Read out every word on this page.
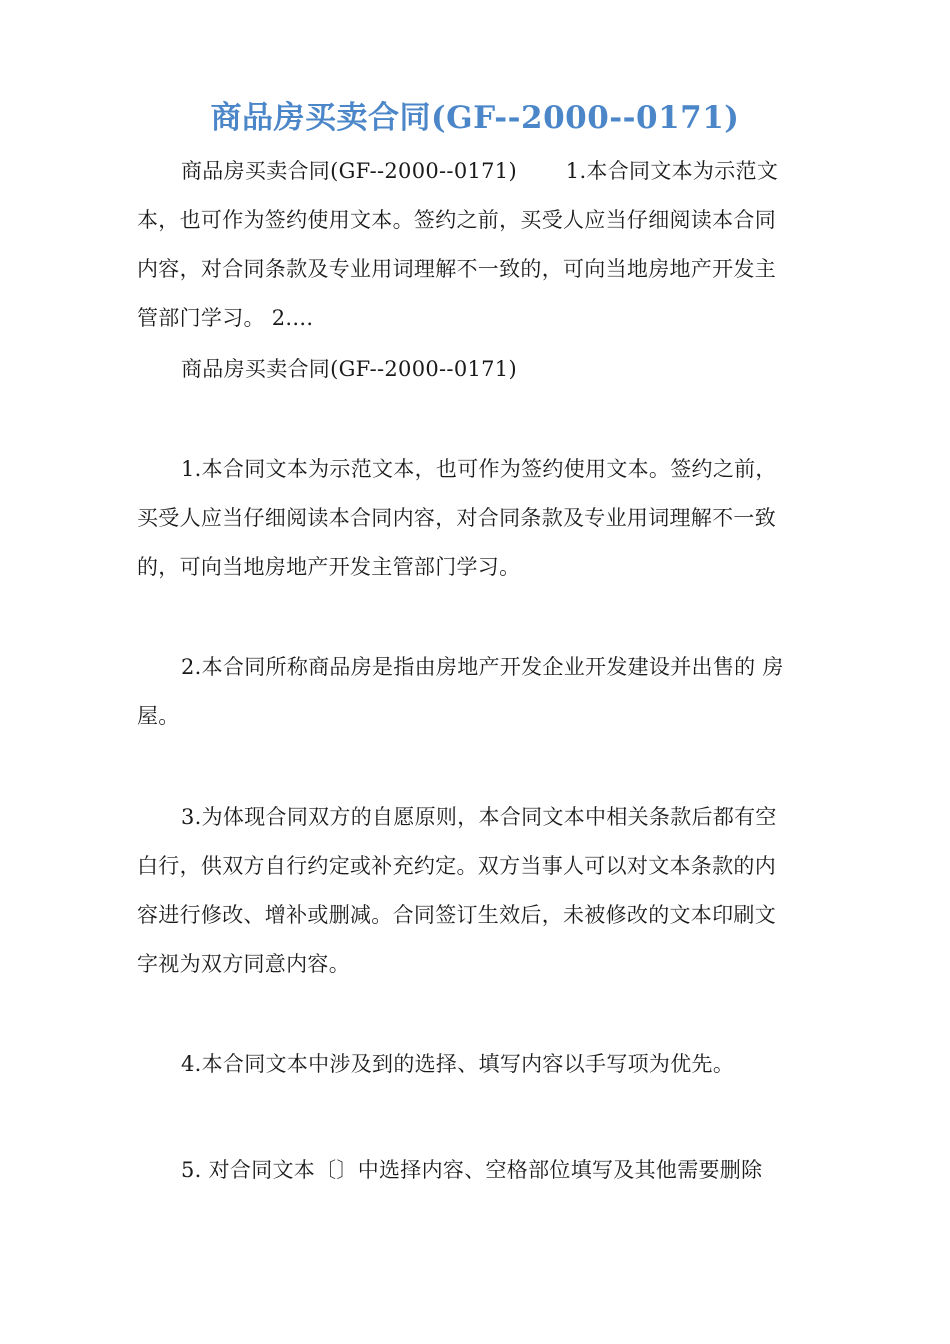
商品房买卖合同(GF--2000--0171)
商品房买卖合同(GF--2000--0171)       1.本合同文本为示范文
本，也可作为签约使用文本。签约之前，买受人应当仔细阅读本合同
内容，对合同条款及专业用词理解不一致的，可向当地房地产开发主
管部门学习。 2....
商品房买卖合同(GF--2000--0171)
1.本合同文本为示范文本，也可作为签约使用文本。签约之前，
买受人应当仔细阅读本合同内容，对合同条款及专业用词理解不一致
的，可向当地房地产开发主管部门学习。
2.本合同所称商品房是指由房地产开发企业开发建设并出售的 房
屋。
3.为体现合同双方的自愿原则，本合同文本中相关条款后都有空
白行，供双方自行约定或补充约定。双方当事人可以对文本条款的内
容进行修改、增补或删减。合同签订生效后，未被修改的文本印刷文
字视为双方同意内容。
4.本合同文本中涉及到的选择、填写内容以手写项为优先。
5. 对合同文本〔〕中选择内容、空格部位填写及其他需要删除
